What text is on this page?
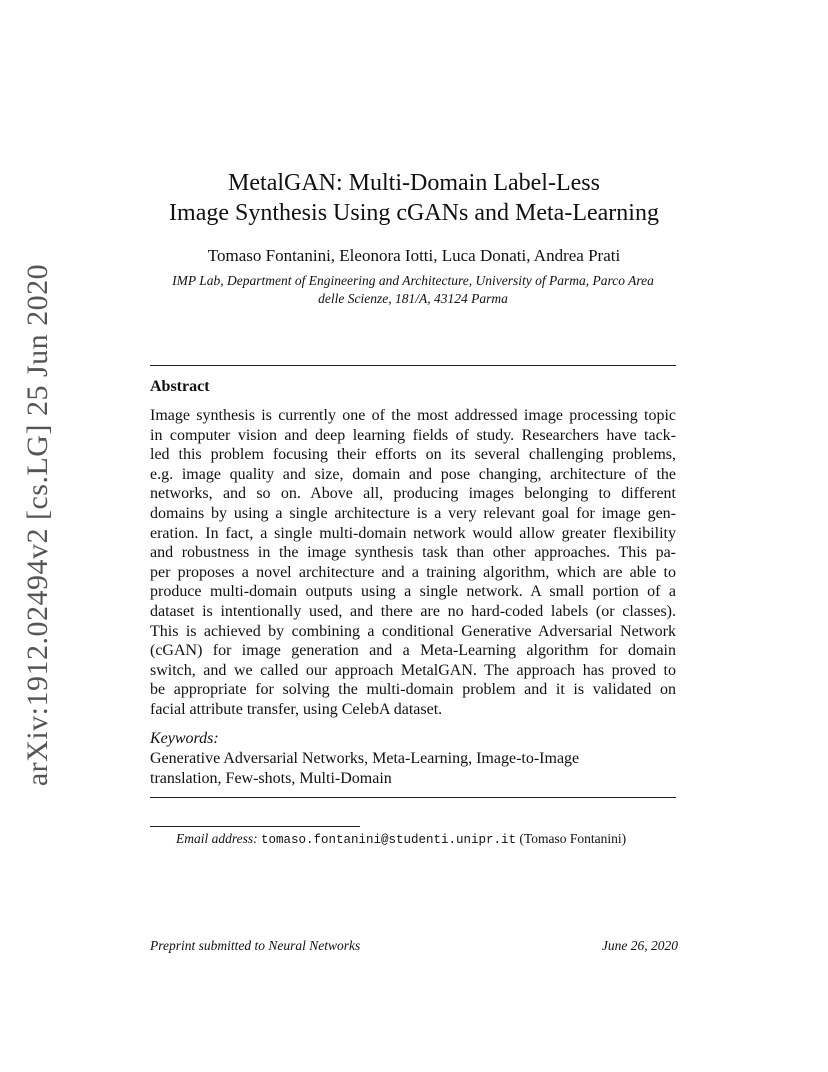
arXiv:1912.02494v2 [cs.LG] 25 Jun 2020
MetalGAN: Multi-Domain Label-Less
Image Synthesis Using cGANs and Meta-Learning
Tomaso Fontanini, Eleonora Iotti, Luca Donati, Andrea Prati
IMP Lab, Department of Engineering and Architecture, University of Parma, Parco Area
delle Scienze, 181/A, 43124 Parma
Abstract
Image synthesis is currently one of the most addressed image processing topic
in computer vision and deep learning fields of study. Researchers have tack-
led this problem focusing their efforts on its several challenging problems,
e.g. image quality and size, domain and pose changing, architecture of the
networks, and so on. Above all, producing images belonging to different
domains by using a single architecture is a very relevant goal for image gen-
eration. In fact, a single multi-domain network would allow greater flexibility
and robustness in the image synthesis task than other approaches. This pa-
per proposes a novel architecture and a training algorithm, which are able to
produce multi-domain outputs using a single network. A small portion of a
dataset is intentionally used, and there are no hard-coded labels (or classes).
This is achieved by combining a conditional Generative Adversarial Network
(cGAN) for image generation and a Meta-Learning algorithm for domain
switch, and we called our approach MetalGAN. The approach has proved to
be appropriate for solving the multi-domain problem and it is validated on
facial attribute transfer, using CelebA dataset.
Keywords:
Generative Adversarial Networks, Meta-Learning, Image-to-Image
translation, Few-shots, Multi-Domain
Email address: tomaso.fontanini@studenti.unipr.it (Tomaso Fontanini)
Preprint submitted to Neural Networks	June 26, 2020
